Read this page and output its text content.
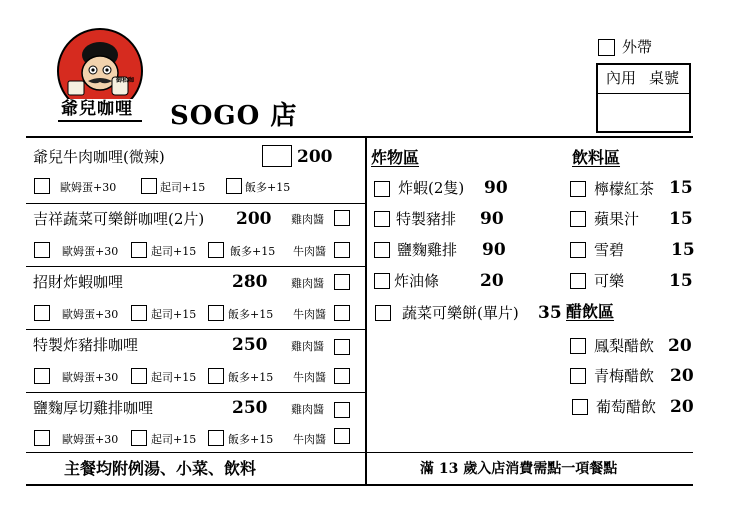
御私咖
爺兒咖哩 SOGO 店
外帶
內用 桌號
爺兒牛肉咖哩(微辣)	200
歐姆蛋+30	起司+15	飯多+15
吉祥蔬菜可樂餅咖哩(2片) 200 雞肉醬
歐姆蛋+30	起司+15	飯多+15 牛肉醬
招財炸蝦咖哩	280 雞肉醬
歐姆蛋+30	起司+15	飯多+15 牛肉醬
特製炸豬排咖哩	250 雞肉醬
歐姆蛋+30	起司+15	飯多+15 牛肉醬
鹽麴厚切雞排咖哩	250 雞肉醬
歐姆蛋+30	起司+15	飯多+15 牛肉醬
主餐均附例湯、小菜、飲料
炸物區
炸蝦(2隻) 90
特製豬排 90
鹽麴雞排 90
炸油條 20
蔬菜可樂餅(單片) 35
飲料區
檸檬紅茶 15
蘋果汁 15
雪碧	15
可樂	15
醋飲區
鳳梨醋飲 20
青梅醋飲 20
葡萄醋飲 20
滿 13 歲入店消費需點一項餐點
